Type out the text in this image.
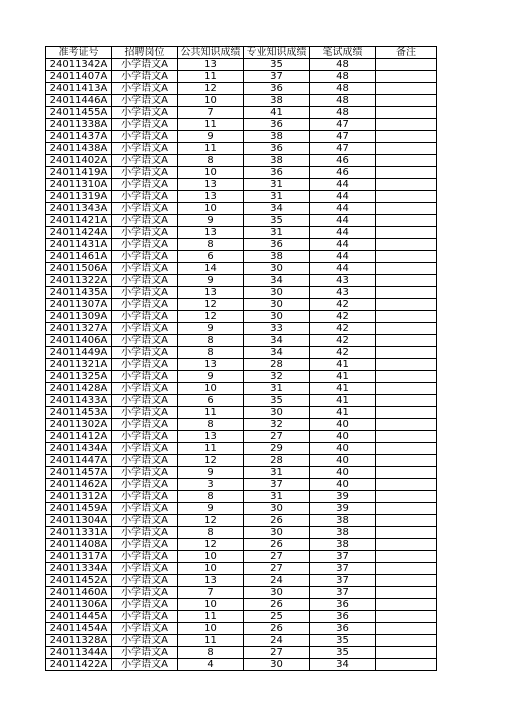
准考证号	招聘岗位	公共知识成绩	专业知识成绩	笔试成绩	备注
24011342A	小学语文A	13	35	48	
24011407A	小学语文A	11	37	48	
24011413A	小学语文A	12	36	48	
24011446A	小学语文A	10	38	48	
24011455A	小学语文A	7	41	48	
24011338A	小学语文A	11	36	47	
24011437A	小学语文A	9	38	47	
24011438A	小学语文A	11	36	47	
24011402A	小学语文A	8	38	46	
24011419A	小学语文A	10	36	46	
24011310A	小学语文A	13	31	44	
24011319A	小学语文A	13	31	44	
24011343A	小学语文A	10	34	44	
24011421A	小学语文A	9	35	44	
24011424A	小学语文A	13	31	44	
24011431A	小学语文A	8	36	44	
24011461A	小学语文A	6	38	44	
24011506A	小学语文A	14	30	44	
24011322A	小学语文A	9	34	43	
24011435A	小学语文A	13	30	43	
24011307A	小学语文A	12	30	42	
24011309A	小学语文A	12	30	42	
24011327A	小学语文A	9	33	42	
24011406A	小学语文A	8	34	42	
24011449A	小学语文A	8	34	42	
24011321A	小学语文A	13	28	41	
24011325A	小学语文A	9	32	41	
24011428A	小学语文A	10	31	41	
24011433A	小学语文A	6	35	41	
24011453A	小学语文A	11	30	41	
24011302A	小学语文A	8	32	40	
24011412A	小学语文A	13	27	40	
24011434A	小学语文A	11	29	40	
24011447A	小学语文A	12	28	40	
24011457A	小学语文A	9	31	40	
24011462A	小学语文A	3	37	40	
24011312A	小学语文A	8	31	39	
24011459A	小学语文A	9	30	39	
24011304A	小学语文A	12	26	38	
24011331A	小学语文A	8	30	38	
24011408A	小学语文A	12	26	38	
24011317A	小学语文A	10	27	37	
24011334A	小学语文A	10	27	37	
24011452A	小学语文A	13	24	37	
24011460A	小学语文A	7	30	37	
24011306A	小学语文A	10	26	36	
24011445A	小学语文A	11	25	36	
24011454A	小学语文A	10	26	36	
24011328A	小学语文A	11	24	35	
24011344A	小学语文A	8	27	35	
24011422A	小学语文A	4	30	34	
